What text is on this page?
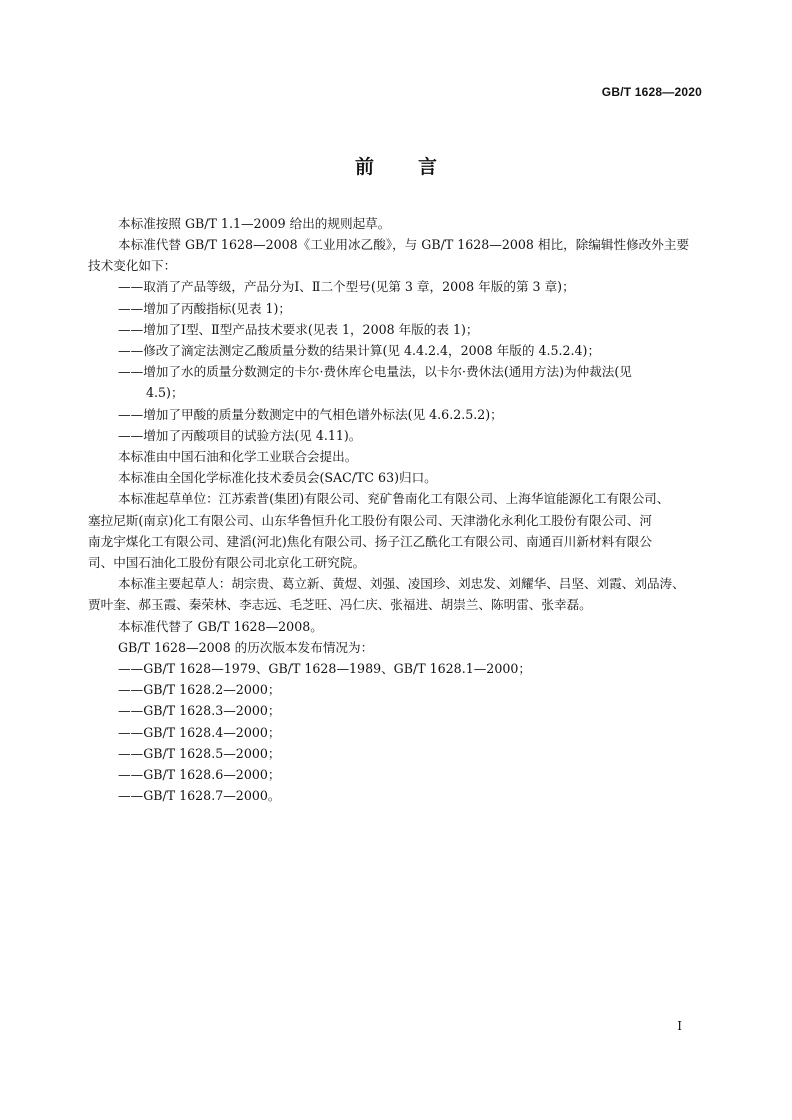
GB/T 1628—2020
前 言
本标准按照 GB/T 1.1—2009 给出的规则起草。
本标准代替 GB/T 1628—2008《工业用冰乙酸》，与 GB/T 1628—2008 相比，除编辑性修改外主要
技术变化如下：
——取消了产品等级，产品分为Ⅰ、Ⅱ二个型号(见第 3 章，2008 年版的第 3 章)；
——增加了丙酸指标(见表 1)；
——增加了Ⅰ型、Ⅱ型产品技术要求(见表 1，2008 年版的表 1)；
——修改了滴定法测定乙酸质量分数的结果计算(见 4.4.2.4，2008 年版的 4.5.2.4)；
——增加了水的质量分数测定的卡尔·费休库仑电量法，以卡尔·费休法(通用方法)为仲裁法(见
4.5)；
——增加了甲酸的质量分数测定中的气相色谱外标法(见 4.6.2.5.2)；
——增加了丙酸项目的试验方法(见 4.11)。
本标准由中国石油和化学工业联合会提出。
本标准由全国化学标准化技术委员会(SAC/TC 63)归口。
本标准起草单位：江苏索普(集团)有限公司、兖矿鲁南化工有限公司、上海华谊能源化工有限公司、
塞拉尼斯(南京)化工有限公司、山东华鲁恒升化工股份有限公司、天津渤化永利化工股份有限公司、河
南龙宇煤化工有限公司、建滔(河北)焦化有限公司、扬子江乙酰化工有限公司、南通百川新材料有限公
司、中国石油化工股份有限公司北京化工研究院。
本标准主要起草人：胡宗贵、葛立新、黄煜、刘强、凌国珍、刘忠发、刘耀华、吕坚、刘霞、刘品涛、
贾叶奎、郝玉霞、秦荣林、李志远、毛芝旺、冯仁庆、张福进、胡崇兰、陈明雷、张幸磊。
本标准代替了 GB/T 1628—2008。
GB/T 1628—2008 的历次版本发布情况为：
——GB/T 1628—1979、GB/T 1628—1989、GB/T 1628.1—2000；
——GB/T 1628.2—2000；
——GB/T 1628.3—2000；
——GB/T 1628.4—2000；
——GB/T 1628.5—2000；
——GB/T 1628.6—2000；
——GB/T 1628.7—2000。
Ⅰ
